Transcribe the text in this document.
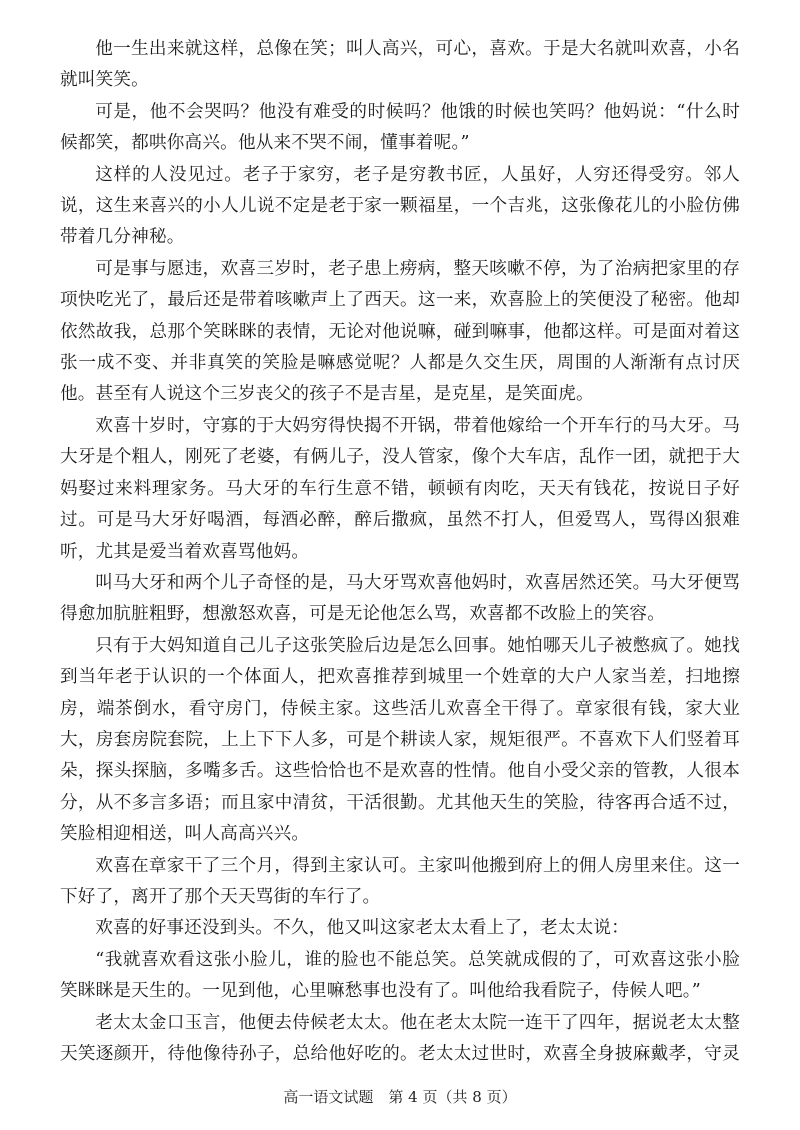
他一生出来就这样，总像在笑；叫人高兴，可心，喜欢。于是大名就叫欢喜，小名就叫笑笑。

可是，他不会哭吗？他没有难受的时候吗？他饿的时候也笑吗？他妈说：“什么时候都笑，都哄你高兴。他从来不哭不闹，懂事着呢。”

这样的人没见过。老子于家穷，老子是穷教书匠，人虽好，人穷还得受穷。邻人说，这生来喜兴的小人儿说不定是老于家一颗福星，一个吉兆，这张像花儿的小脸仿佛带着几分神秘。

可是事与愿违，欢喜三岁时，老子患上痨病，整天咳嗽不停，为了治病把家里的存项快吃光了，最后还是带着咳嗽声上了西天。这一来，欢喜脸上的笑便没了秘密。他却依然故我，总那个笑眯眯的表情，无论对他说嘛，碰到嘛事，他都这样。可是面对着这张一成不变、并非真笑的笑脸是嘛感觉呢？人都是久交生厌，周围的人渐渐有点讨厌他。甚至有人说这个三岁丧父的孩子不是吉星，是克星，是笑面虎。

欢喜十岁时，守寡的于大妈穷得快揭不开锅，带着他嫁给一个开车行的马大牙。马大牙是个粗人，刚死了老婆，有俩儿子，没人管家，像个大车店，乱作一团，就把于大妈娶过来料理家务。马大牙的车行生意不错，顿顿有肉吃，天天有钱花，按说日子好过。可是马大牙好喝酒，每酒必醉，醉后撒疯，虽然不打人，但爱骂人，骂得凶狠难听，尤其是爱当着欢喜骂他妈。

叫马大牙和两个儿子奇怪的是，马大牙骂欢喜他妈时，欢喜居然还笑。马大牙便骂得愈加肮脏粗野，想激怒欢喜，可是无论他怎么骂，欢喜都不改脸上的笑容。

只有于大妈知道自己儿子这张笑脸后边是怎么回事。她怕哪天儿子被憋疯了。她找到当年老于认识的一个体面人，把欢喜推荐到城里一个姓章的大户人家当差，扫地擦房，端茶倒水，看守房门，侍候主家。这些活儿欢喜全干得了。章家很有钱，家大业大，房套房院套院，上上下下人多，可是个耕读人家，规矩很严。不喜欢下人们竖着耳朵，探头探脑，多嘴多舌。这些恰恰也不是欢喜的性情。他自小受父亲的管教，人很本分，从不多言多语；而且家中清贫，干活很勤。尤其他天生的笑脸，待客再合适不过，笑脸相迎相送，叫人高高兴兴。

欢喜在章家干了三个月，得到主家认可。主家叫他搬到府上的佣人房里来住。这一下好了，离开了那个天天骂街的车行了。

欢喜的好事还没到头。不久，他又叫这家老太太看上了，老太太说：

“我就喜欢看这张小脸儿，谁的脸也不能总笑。总笑就成假的了，可欢喜这张小脸笑眯眯是天生的。一见到他，心里嘛愁事也没有了。叫他给我看院子，侍候人吧。”

老太太金口玉言，他便去侍候老太太。他在老太太院一连干了四年，据说老太太整天笑逐颜开，待他像待孙子，总给他好吃的。老太太过世时，欢喜全身披麻戴孝，守灵

高一语文试题　第 4 页（共 8 页）
